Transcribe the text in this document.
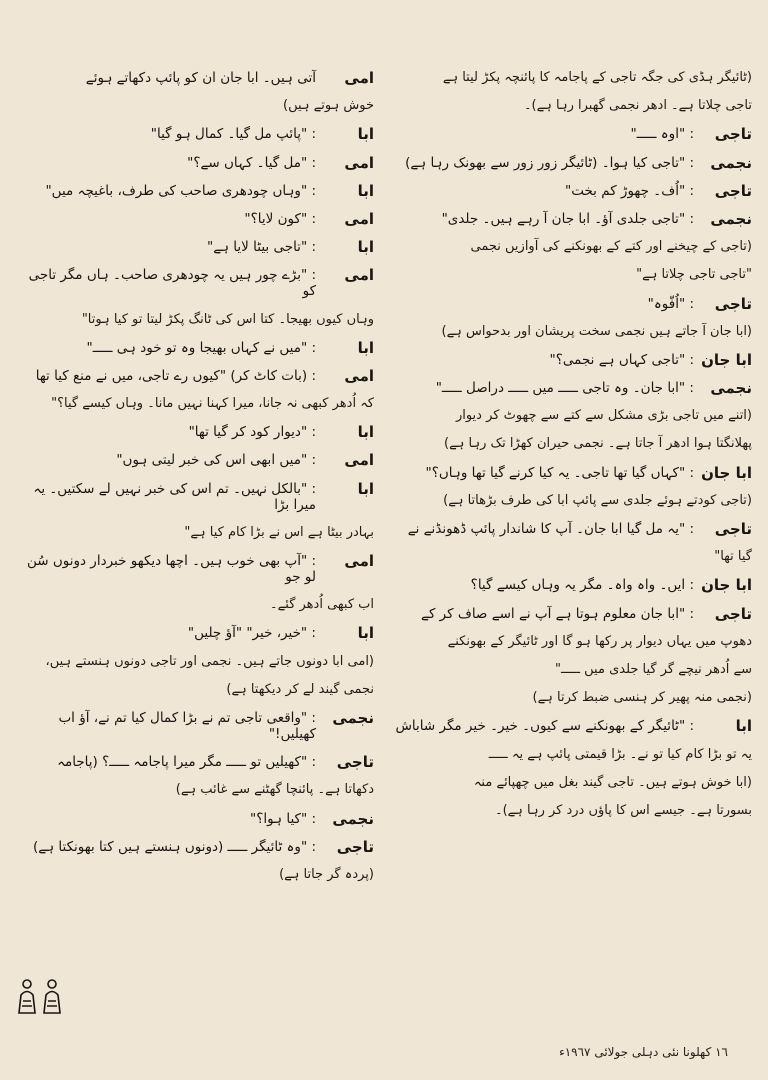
(ٹائیگر ہڈی کی جگہ تاجی کے پاجامہ کا پائنچہ پکڑ لیتا ہے
تاجی چلاتا ہے۔ ادھر نجمی گھبرا رہا ہے)۔
تاجی
: "اوہ ـــــ"
نجمی
: "تاجی کیا ہوا۔ (ٹائیگر زور زور سے بھونک رہا ہے)
تاجی
: "اُف۔ چھوڑ کم بخت"
نجمی
: "تاجی جلدی آؤ۔ ابا جان آ رہے ہیں۔ جلدی"
(تاجی کے چیخنے اور کتے کے بھونکنے کی آوازیں نجمی
"تاجی تاجی چلاتا ہے"
تاجی
: "اُفّوہ"
(ابا جان آ جاتے ہیں نجمی سخت پریشان اور بدحواس ہے)
ابا جان
: "تاجی کہاں ہے نجمی؟"
نجمی
: "ابا جان۔ وہ تاجی ـــــ میں ـــــ دراصل ـــــ"
(اتنے میں تاجی بڑی مشکل سے کتے سے چھوٹ کر دیوار
پھلانگتا ہوا ادھر آ جاتا ہے۔ نجمی حیران کھڑا تک رہا ہے)
ابا جان
: "کہاں گیا تھا تاجی۔ یہ کیا کرنے گیا تھا وہاں؟"
(تاجی کودتے ہوئے جلدی سے پائپ ابا کی طرف بڑھاتا ہے)
تاجی
: "یہ مل گیا ابا جان۔ آپ کا شاندار پائپ ڈھونڈنے نے
گیا تھا"
ابا جان
: ایں۔ واہ واہ۔ مگر یہ وہاں کیسے گیا؟
تاجی
: "ابا جان معلوم ہوتا ہے آپ نے اسے صاف کر کے
دھوپ میں یہاں دیوار پر رکھا ہو گا اور ٹائیگر کے بھونکنے
سے اُدھر نیچے گر گیا جلدی میں ـــــ"
(نجمی منہ پھیر کر ہنسی ضبط کرتا ہے)
ابا
: "ٹائیگر کے بھونکنے سے کیوں۔ خیر۔ خیر مگر شاباش
یہ تو بڑا کام کیا تو نے۔ بڑا قیمتی پائپ ہے یہ ـــــ
(ابا خوش ہوتے ہیں۔ تاجی گیند بغل میں چھپائے منہ
بسورتا ہے۔ جیسے اس کا پاؤں درد کر رہا ہے)۔
امی
آتی ہیں۔ ابا جان ان کو پائپ دکھاتے ہوئے
خوش ہوتے ہیں)
ابا
: "پائپ مل گیا۔ کمال ہو گیا"
امی
: "مل گیا۔ کہاں سے؟"
ابا
: "وہاں چودھری صاحب کی طرف، باغیچہ میں"
امی
: "کون لایا؟"
ابا
: "تاجی بیٹا لایا ہے"
امی
: "بڑے چور ہیں یہ چودھری صاحب۔ ہاں مگر تاجی کو
وہاں کیوں بھیجا۔ کتا اس کی ٹانگ پکڑ لیتا تو کیا ہوتا"
ابا
: "میں نے کہاں بھیجا وہ تو خود ہی ـــــ"
امی
: (بات کاٹ کر) "کیوں رے تاجی، میں نے منع کیا تھا
کہ اُدھر کبھی نہ جانا، میرا کہنا نہیں مانا۔ وہاں کیسے گیا؟"
ابا
: "دیوار کود کر گیا تھا"
امی
: "میں ابھی اس کی خبر لیتی ہوں"
ابا
: "بالکل نہیں۔ تم اس کی خبر نہیں لے سکتیں۔ یہ میرا بڑا
بہادر بیٹا ہے اس نے بڑا کام کیا ہے"
امی
: "آپ بھی خوب ہیں۔ اچھا دیکھو خبردار دونوں سُن لو جو
اب کبھی اُدھر گئے۔
ابا
: "خیر، خیر" "آؤ چلیں"
(امی ابا دونوں جاتے ہیں۔ نجمی اور تاجی دونوں ہنستے ہیں،
نجمی گیند لے کر دیکھتا ہے)
نجمی
: "واقعی تاجی تم نے بڑا کمال کیا تم نے، آؤ اب کھیلیں!"
تاجی
: "کھیلیں تو ـــــ مگر میرا پاجامہ ـــــ؟ (پاجامہ
دکھاتا ہے۔ پائنچا گھٹنے سے غائب ہے)
نجمی
: "کیا ہوا؟"
تاجی
: "وہ ٹائیگر ـــــ (دونوں ہنستے ہیں کتا بھونکتا ہے)
(پردہ گر جاتا ہے)
١٦ کھلونا نئی دہلی جولائی ١٩٦٧ء
